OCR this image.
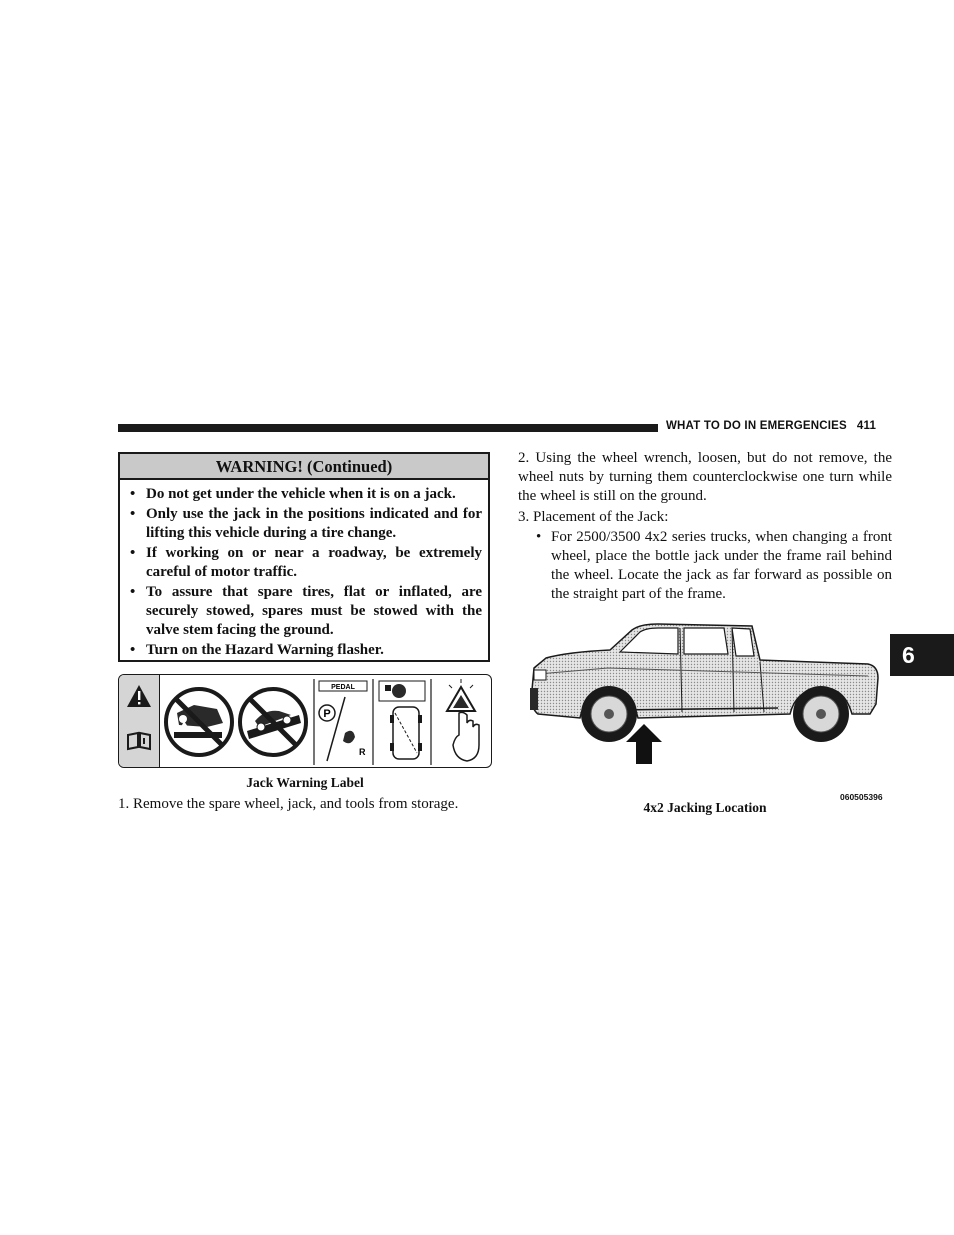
WHAT TO DO IN EMERGENCIES 411
WARNING! (Continued)
• Do not get under the vehicle when it is on a jack.
• Only use the jack in the positions indicated and for lifting this vehicle during a tire change.
• If working on or near a roadway, be extremely careful of motor traffic.
• To assure that spare tires, flat or inflated, are securely stowed, spares must be stowed with the valve stem facing the ground.
• Turn on the Hazard Warning flasher.
PEDAL
P
R
Jack Warning Label
1. Remove the spare wheel, jack, and tools from storage.
2. Using the wheel wrench, loosen, but do not remove, the wheel nuts by turning them counterclockwise one turn while the wheel is still on the ground.
3. Placement of the Jack:
• For 2500/3500 4x2 series trucks, when changing a front wheel, place the bottle jack under the frame rail behind the wheel. Locate the jack as far forward as possible on the straight part of the frame.
060505396
4x2 Jacking Location
6
